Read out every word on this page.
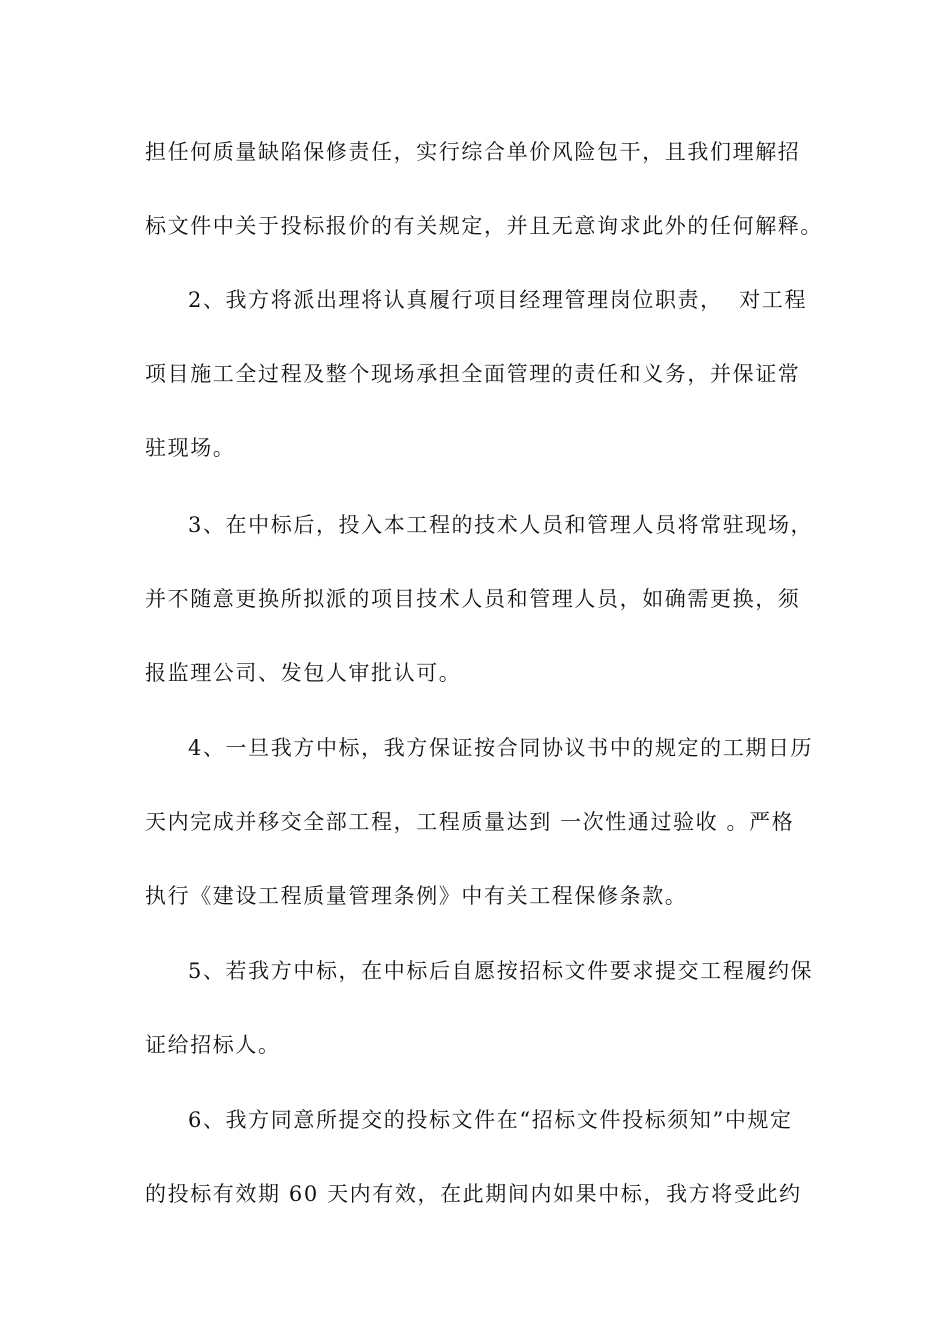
担任何质量缺陷保修责任，实行综合单价风险包干，且我们理解招
标文件中关于投标报价的有关规定，并且无意询求此外的任何解释。
2、我方将派出理将认真履行项目经理管理岗位职责，  对工程
项目施工全过程及整个现场承担全面管理的责任和义务，并保证常
驻现场。
3、在中标后，投入本工程的技术人员和管理人员将常驻现场，
并不随意更换所拟派的项目技术人员和管理人员，如确需更换，须
报监理公司、发包人审批认可。
4、一旦我方中标，我方保证按合同协议书中的规定的工期日历
天内完成并移交全部工程，工程质量达到 一次性通过验收 。严格
执行《建设工程质量管理条例》中有关工程保修条款。
5、若我方中标，在中标后自愿按招标文件要求提交工程履约保
证给招标人。
6、我方同意所提交的投标文件在“招标文件投标须知”中规定
的投标有效期 60 天内有效，在此期间内如果中标，我方将受此约
